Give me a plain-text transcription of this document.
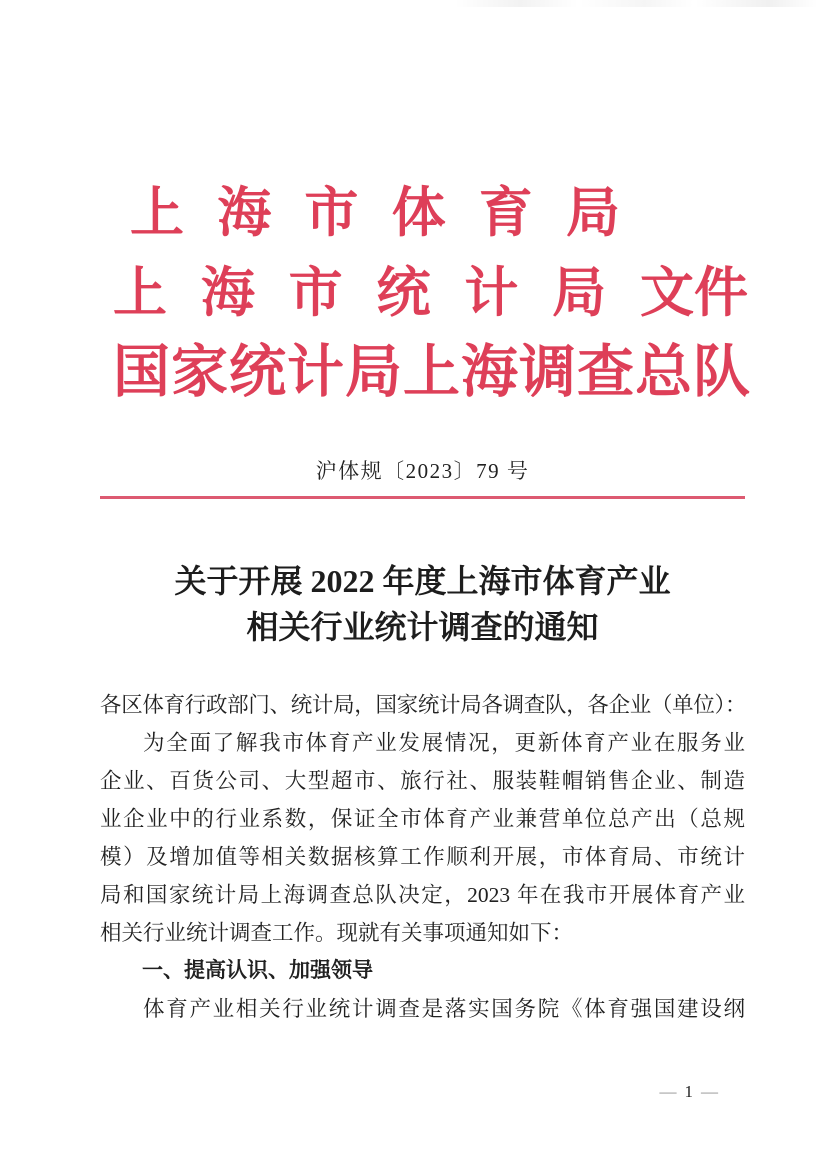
上 海 市 体 育 局
上 海 市 统 计 局 文件
国家统计局上海调查总队
沪体规〔2023〕79 号
关于开展 2022 年度上海市体育产业
相关行业统计调查的通知
各区体育行政部门、统计局，国家统计局各调查队，各企业（单位）：
为全面了解我市体育产业发展情况，更新体育产业在服务业
企业、百货公司、大型超市、旅行社、服装鞋帽销售企业、制造
业企业中的行业系数，保证全市体育产业兼营单位总产出（总规
模）及增加值等相关数据核算工作顺利开展，市体育局、市统计
局和国家统计局上海调查总队决定，2023 年在我市开展体育产业
相关行业统计调查工作。现就有关事项通知如下：
一、提高认识、加强领导
体育产业相关行业统计调查是落实国务院《体育强国建设纲
— 1 —
